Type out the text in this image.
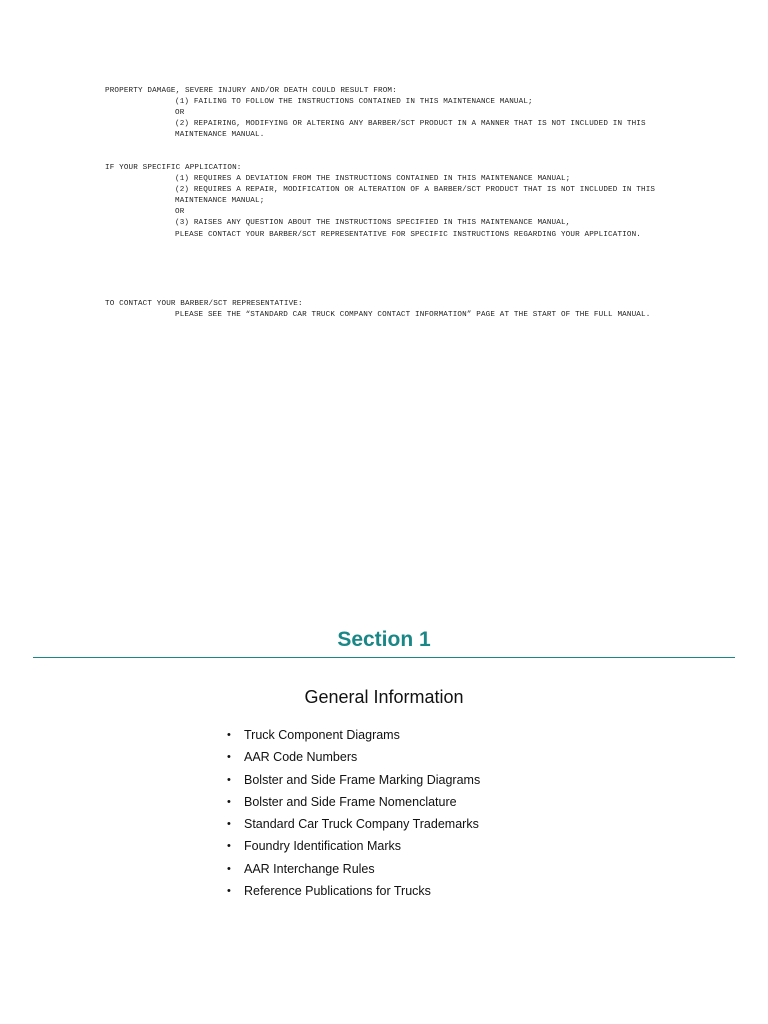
PROPERTY DAMAGE, SEVERE INJURY AND/OR DEATH COULD RESULT FROM:
(1) FAILING TO FOLLOW THE INSTRUCTIONS CONTAINED IN THIS MAINTENANCE MANUAL;
OR
(2) REPAIRING, MODIFYING OR ALTERING ANY BARBER/SCT PRODUCT IN A MANNER THAT IS NOT INCLUDED IN THIS MAINTENANCE MANUAL.
IF YOUR SPECIFIC APPLICATION:
(1) REQUIRES A DEVIATION FROM THE INSTRUCTIONS CONTAINED IN THIS MAINTENANCE MANUAL;
(2) REQUIRES A REPAIR, MODIFICATION OR ALTERATION OF A BARBER/SCT PRODUCT THAT IS NOT INCLUDED IN THIS MAINTENANCE MANUAL;
OR
(3) RAISES ANY QUESTION ABOUT THE INSTRUCTIONS SPECIFIED IN THIS MAINTENANCE MANUAL,
PLEASE CONTACT YOUR BARBER/SCT REPRESENTATIVE FOR SPECIFIC INSTRUCTIONS REGARDING YOUR APPLICATION.
TO CONTACT YOUR BARBER/SCT REPRESENTATIVE:
PLEASE SEE THE “STANDARD CAR TRUCK COMPANY CONTACT INFORMATION” PAGE AT THE START OF THE FULL MANUAL.
Section 1
General Information
• Truck Component Diagrams
• AAR Code Numbers
• Bolster and Side Frame Marking Diagrams
• Bolster and Side Frame Nomenclature
• Standard Car Truck Company Trademarks
• Foundry Identification Marks
• AAR Interchange Rules
• Reference Publications for Trucks
